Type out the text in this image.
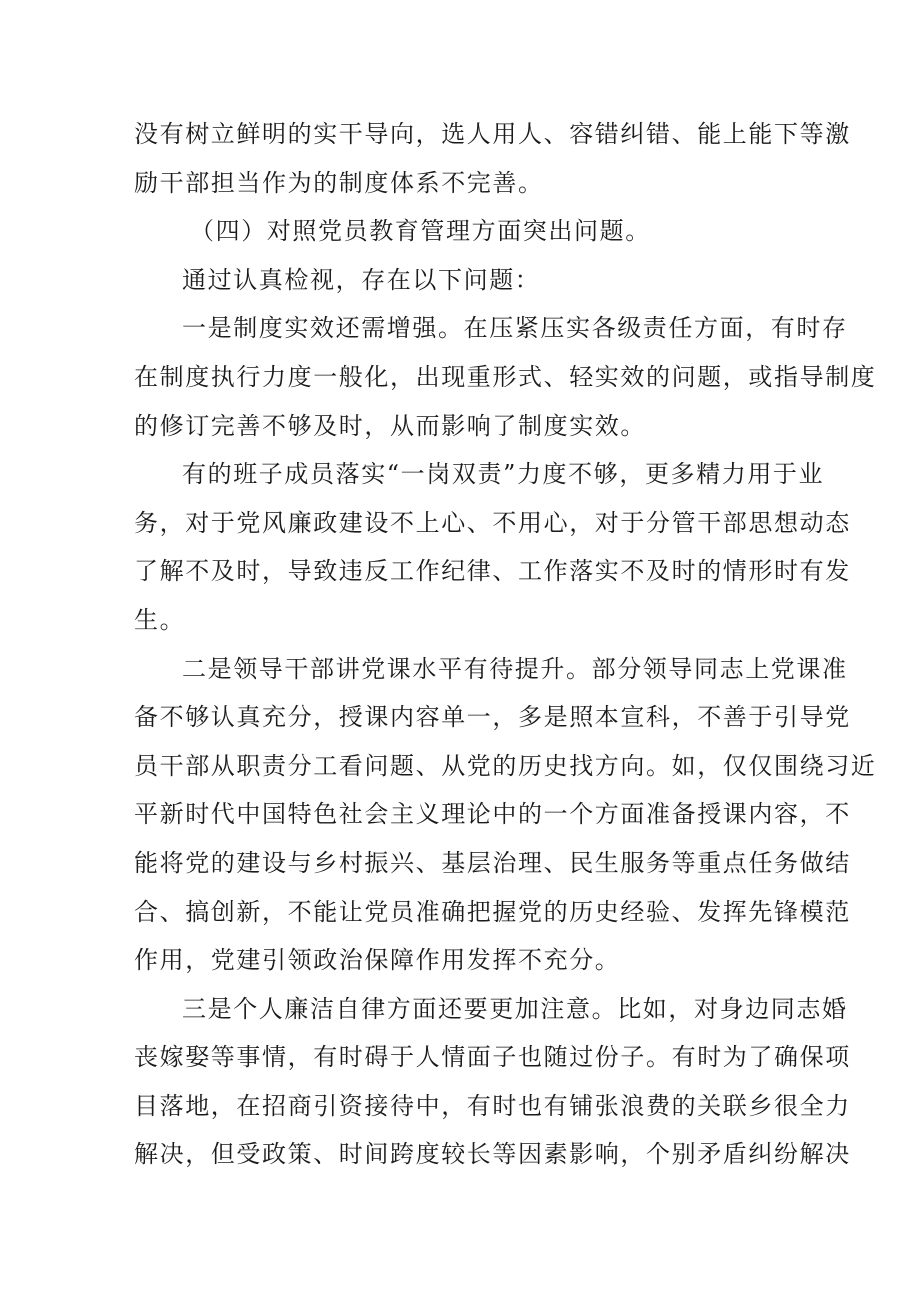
没有树立鲜明的实干导向，选人用人、容错纠错、能上能下等激
励干部担当作为的制度体系不完善。
（四）对照党员教育管理方面突出问题。
通过认真检视，存在以下问题：
一是制度实效还需增强。在压紧压实各级责任方面，有时存
在制度执行力度一般化，出现重形式、轻实效的问题，或指导制度
的修订完善不够及时，从而影响了制度实效。
有的班子成员落实“一岗双责”力度不够，更多精力用于业
务，对于党风廉政建设不上心、不用心，对于分管干部思想动态
了解不及时，导致违反工作纪律、工作落实不及时的情形时有发
生。
二是领导干部讲党课水平有待提升。部分领导同志上党课准
备不够认真充分，授课内容单一，多是照本宣科，不善于引导党
员干部从职责分工看问题、从党的历史找方向。如，仅仅围绕习近
平新时代中国特色社会主义理论中的一个方面准备授课内容，不
能将党的建设与乡村振兴、基层治理、民生服务等重点任务做结
合、搞创新，不能让党员准确把握党的历史经验、发挥先锋模范
作用，党建引领政治保障作用发挥不充分。
三是个人廉洁自律方面还要更加注意。比如，对身边同志婚
丧嫁娶等事情，有时碍于人情面子也随过份子。有时为了确保项
目落地，在招商引资接待中，有时也有铺张浪费的关联乡很全力
解决，但受政策、时间跨度较长等因素影响，个别矛盾纠纷解决
